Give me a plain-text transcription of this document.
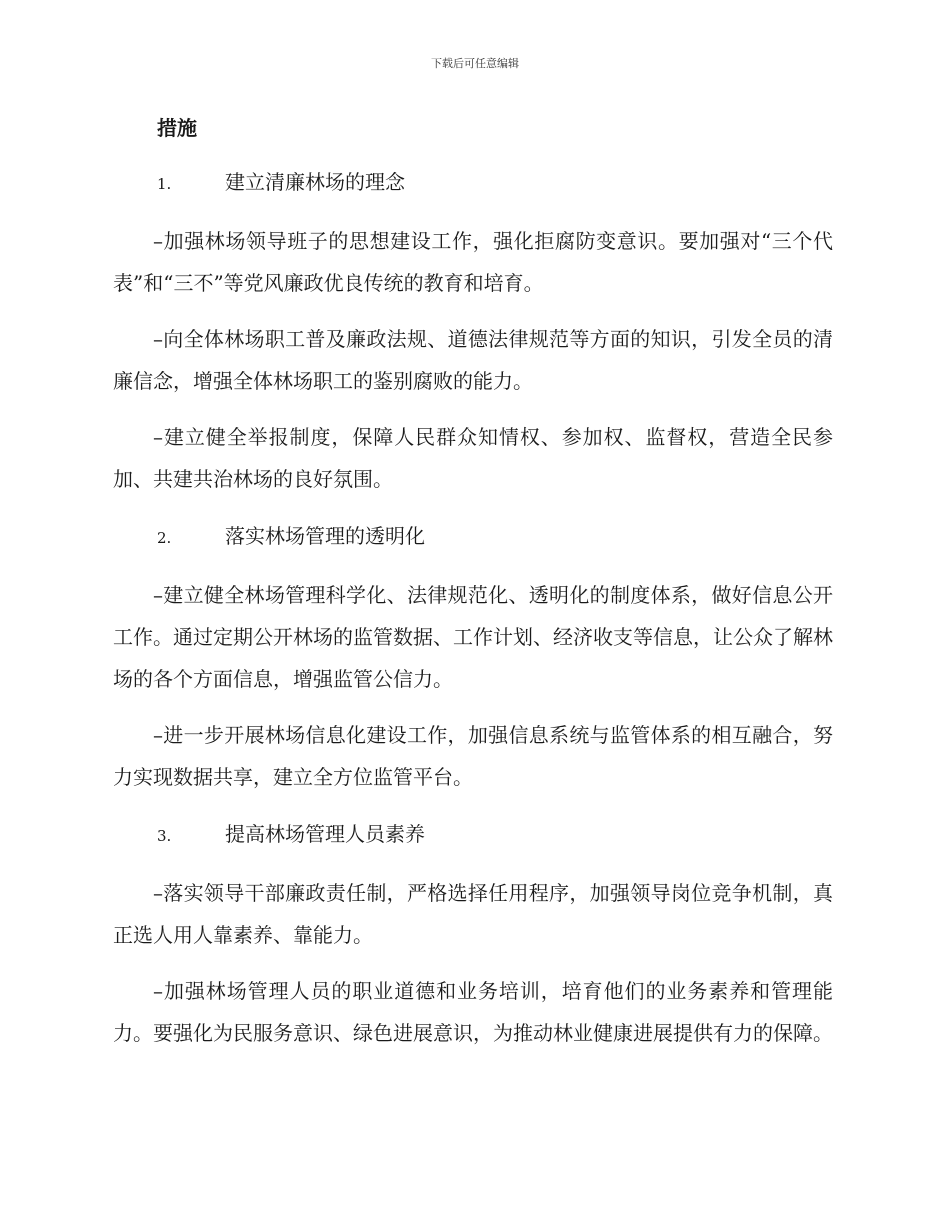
下载后可任意编辑
措施
1.	建立清廉林场的理念

–加强林场领导班子的思想建设工作，强化拒腐防变意识。要加强对“三个代表”和“三不”等党风廉政优良传统的教育和培育。

–向全体林场职工普及廉政法规、道德法律规范等方面的知识，引发全员的清廉信念，增强全体林场职工的鉴别腐败的能力。

–建立健全举报制度，保障人民群众知情权、参加权、监督权，营造全民参加、共建共治林场的良好氛围。

2.	落实林场管理的透明化

–建立健全林场管理科学化、法律规范化、透明化的制度体系，做好信息公开工作。通过定期公开林场的监管数据、工作计划、经济收支等信息，让公众了解林场的各个方面信息，增强监管公信力。

–进一步开展林场信息化建设工作，加强信息系统与监管体系的相互融合，努力实现数据共享，建立全方位监管平台。

3.	提高林场管理人员素养

–落实领导干部廉政责任制，严格选择任用程序，加强领导岗位竞争机制，真正选人用人靠素养、靠能力。

–加强林场管理人员的职业道德和业务培训，培育他们的业务素养和管理能力。要强化为民服务意识、绿色进展意识，为推动林业健康进展提供有力的保障。
